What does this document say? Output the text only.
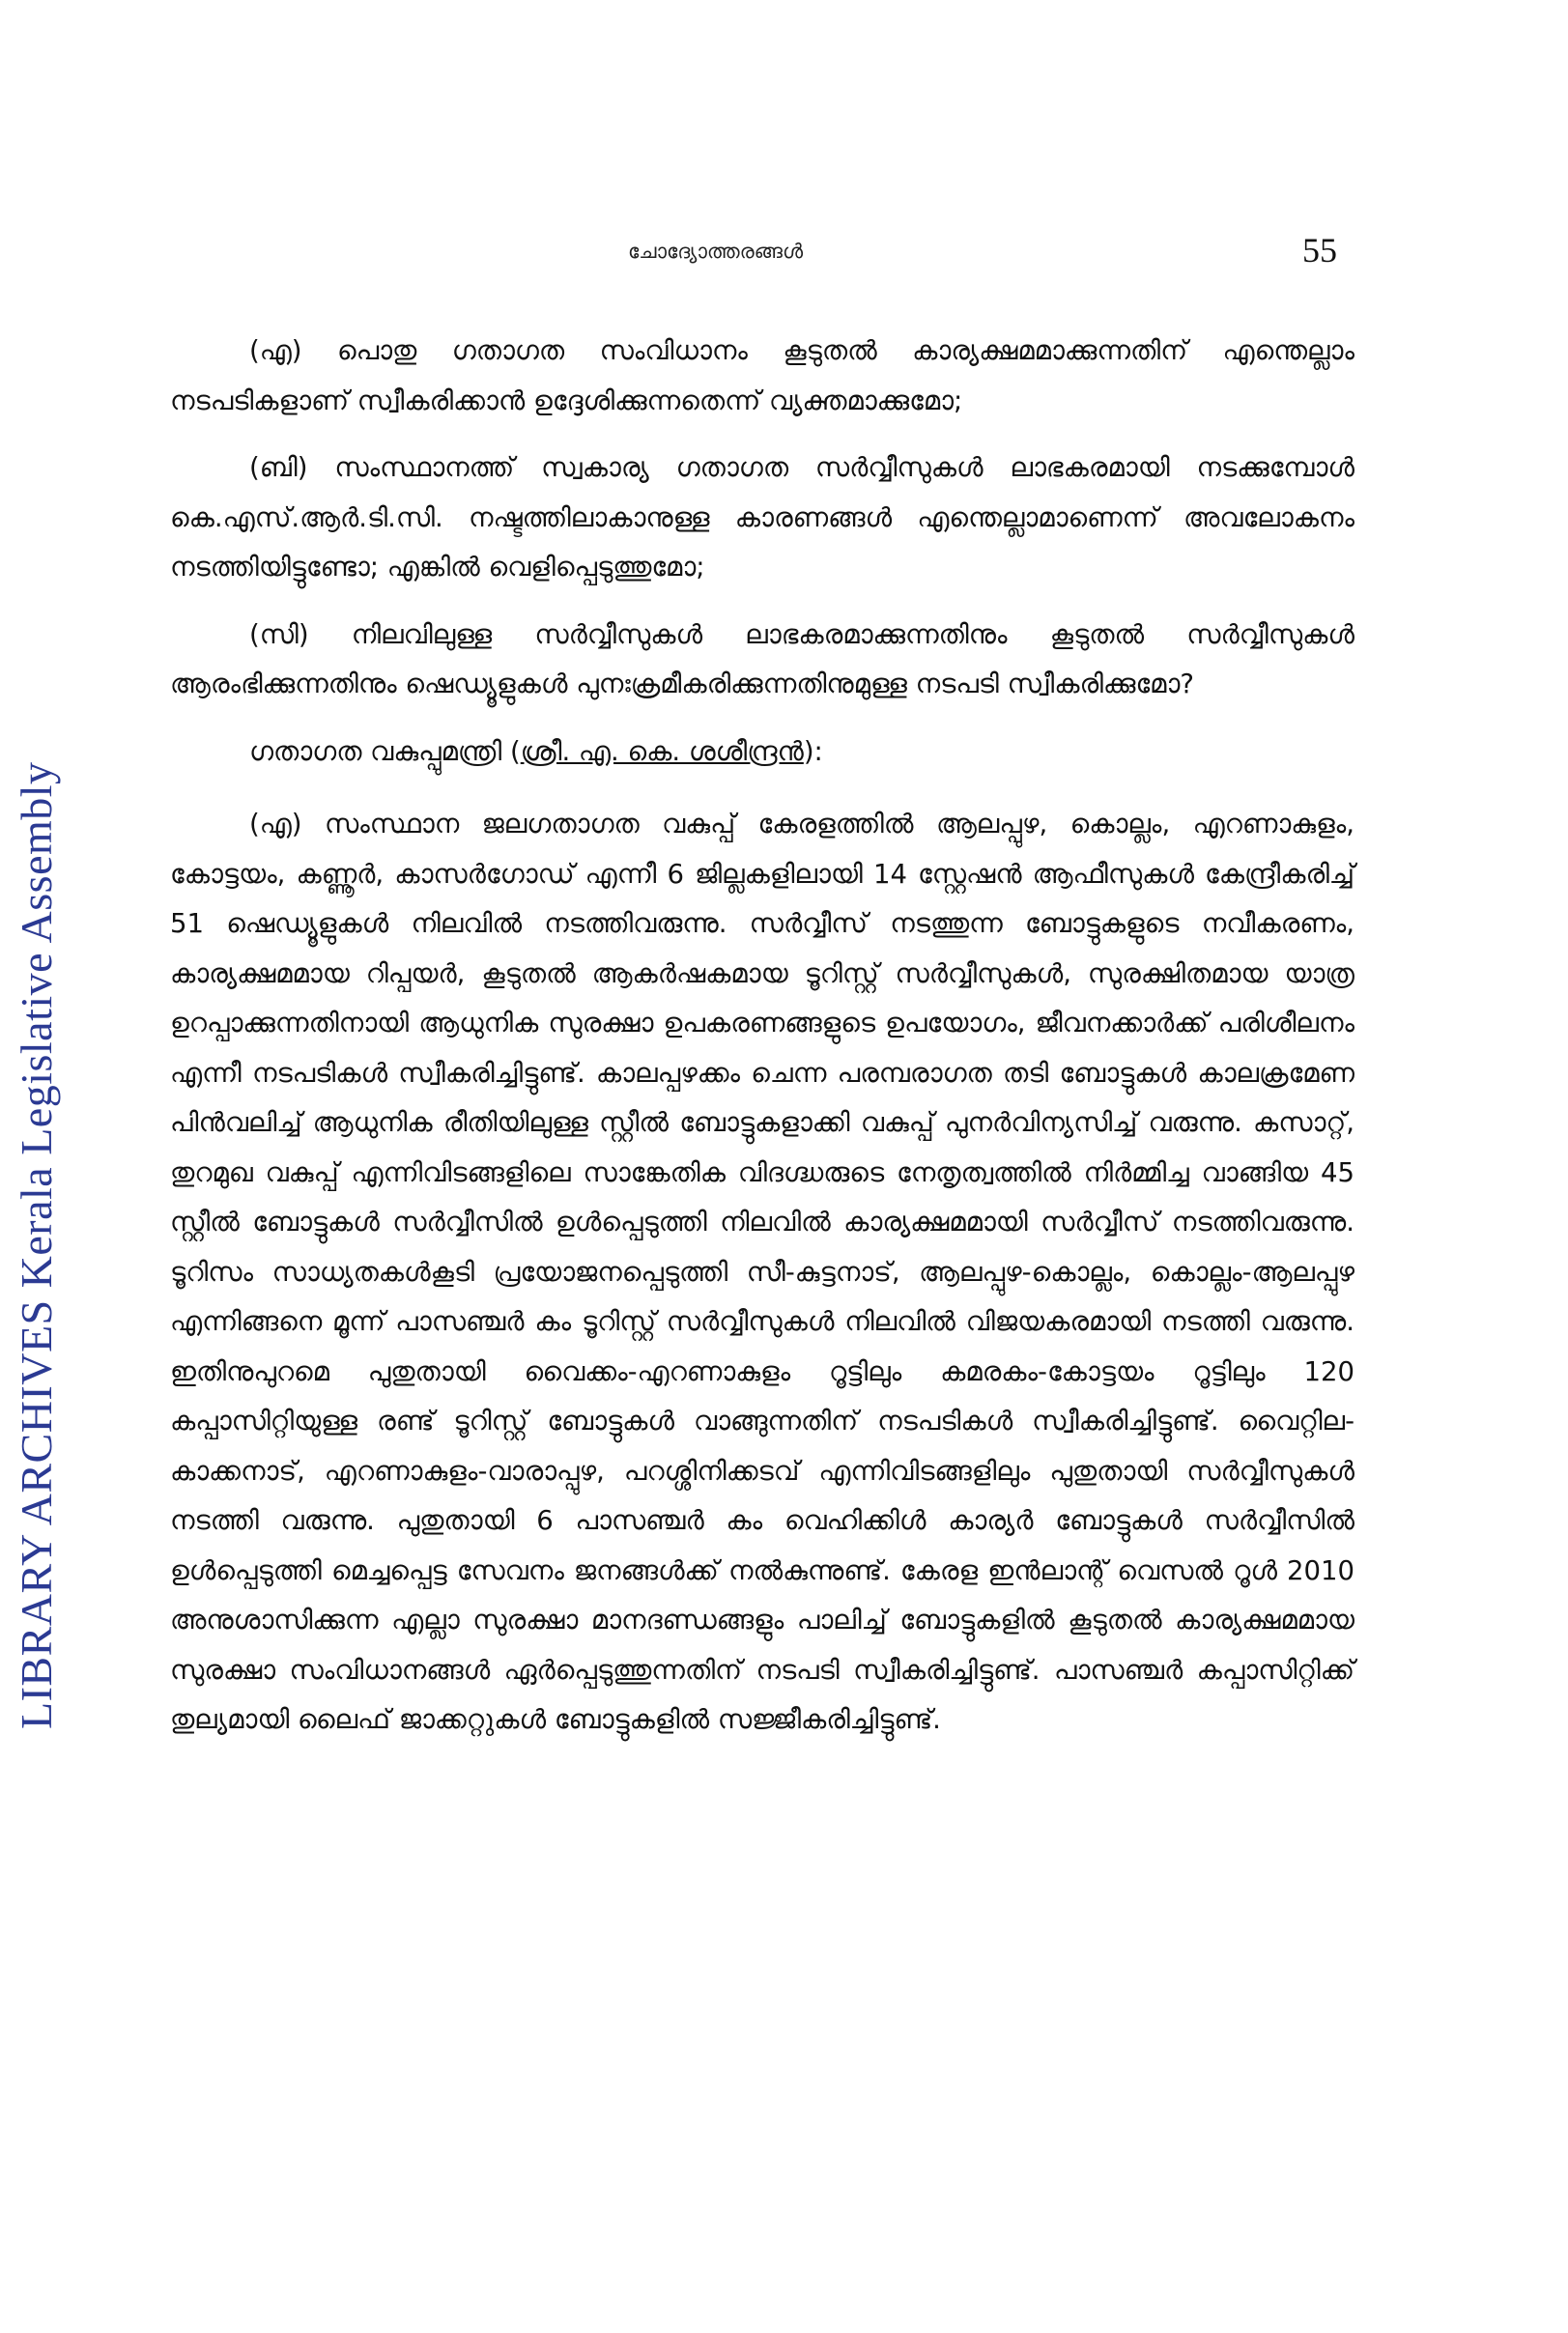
LIBRARY ARCHIVES Kerala Legislative Assembly
ചോദ്യോത്തരങ്ങൾ	55

(എ) പൊതു ഗതാഗത സംവിധാനം കൂടുതൽ കാര്യക്ഷമമാക്കുന്നതിന് എന്തെല്ലാം നടപടികളാണ് സ്വീകരിക്കാൻ ഉദ്ദേശിക്കുന്നതെന്ന് വ്യക്തമാക്കുമോ;

(ബി) സംസ്ഥാനത്ത് സ്വകാര്യ ഗതാഗത സർവ്വീസുകൾ ലാഭകരമായി നടക്കുമ്പോൾ കെ.എസ്.ആർ.ടി.സി. നഷ്ടത്തിലാകാനുള്ള കാരണങ്ങൾ എന്തെല്ലാമാണെന്ന് അവലോകനം നടത്തിയിട്ടുണ്ടോ; എങ്കിൽ വെളിപ്പെടുത്തുമോ;

(സി) നിലവിലുള്ള സർവ്വീസുകൾ ലാഭകരമാക്കുന്നതിനും കൂടുതൽ സർവ്വീസുകൾ ആരംഭിക്കുന്നതിനും ഷെഡ്യൂളുകൾ പുനഃക്രമീകരിക്കുന്നതിനുമുള്ള നടപടി സ്വീകരിക്കുമോ?

ഗതാഗത വകുപ്പുമന്ത്രി (ശ്രീ. എ. കെ. ശശീന്ദ്രൻ):

(എ) സംസ്ഥാന ജലഗതാഗത വകുപ്പ് കേരളത്തിൽ ആലപ്പുഴ, കൊല്ലം, എറണാകുളം, കോട്ടയം, കണ്ണൂർ, കാസർഗോഡ് എന്നീ 6 ജില്ലകളിലായി 14 സ്റ്റേഷൻ ആഫീസുകൾ കേന്ദ്രീകരിച്ച് 51 ഷെഡ്യൂളുകൾ നിലവിൽ നടത്തിവരുന്നു. സർവ്വീസ് നടത്തുന്ന ബോട്ടുകളുടെ നവീകരണം, കാര്യക്ഷമമായ റിപ്പയർ, കൂടുതൽ ആകർഷകമായ ടൂറിസ്റ്റ് സർവ്വീസുകൾ, സുരക്ഷിതമായ യാത്ര ഉറപ്പാക്കുന്നതിനായി ആധുനിക സുരക്ഷാ ഉപകരണങ്ങളുടെ ഉപയോഗം, ജീവനക്കാർക്ക് പരിശീലനം എന്നീ നടപടികൾ സ്വീകരിച്ചിട്ടുണ്ട്. കാലപ്പഴക്കം ചെന്ന പരമ്പരാഗത തടി ബോട്ടുകൾ കാലക്രമേണ പിൻവലിച്ച് ആധുനിക രീതിയിലുള്ള സ്റ്റീൽ ബോട്ടുകളാക്കി വകുപ്പ് പുനർവിന്യസിച്ച് വരുന്നു. കസാറ്റ്, തുറമുഖ വകുപ്പ് എന്നിവിടങ്ങളിലെ സാങ്കേതിക വിദഗ്ദ്ധരുടെ നേതൃത്വത്തിൽ നിർമ്മിച്ച വാങ്ങിയ 45 സ്റ്റീൽ ബോട്ടുകൾ സർവ്വീസിൽ ഉൾപ്പെടുത്തി നിലവിൽ കാര്യക്ഷമമായി സർവ്വീസ് നടത്തിവരുന്നു. ടൂറിസം സാധ്യതകൾകൂടി പ്രയോജനപ്പെടുത്തി സീ-കുട്ടനാട്, ആലപ്പുഴ-കൊല്ലം, കൊല്ലം-ആലപ്പുഴ എന്നിങ്ങനെ മൂന്ന് പാസഞ്ചർ കം ടൂറിസ്റ്റ് സർവ്വീസുകൾ നിലവിൽ വിജയകരമായി നടത്തി വരുന്നു. ഇതിനുപുറമെ പുതുതായി വൈക്കം-എറണാകുളം റൂട്ടിലും കമരകം-കോട്ടയം റൂട്ടിലും 120 കപ്പാസിറ്റിയുള്ള രണ്ട് ടൂറിസ്റ്റ് ബോട്ടുകൾ വാങ്ങുന്നതിന് നടപടികൾ സ്വീകരിച്ചിട്ടുണ്ട്. വൈറ്റില-കാക്കനാട്, എറണാകുളം-വാരാപ്പുഴ, പറശ്ശിനിക്കടവ് എന്നിവിടങ്ങളിലും പുതുതായി സർവ്വീസുകൾ നടത്തി വരുന്നു. പുതുതായി 6 പാസഞ്ചർ കം വെഹിക്കിൾ കാര്യർ ബോട്ടുകൾ സർവ്വീസിൽ ഉൾപ്പെടുത്തി മെച്ചപ്പെട്ട സേവനം ജനങ്ങൾക്ക് നൽകുന്നുണ്ട്. കേരള ഇൻലാന്റ് വെസൽ റൂൾ 2010 അനുശാസിക്കുന്ന എല്ലാ സുരക്ഷാ മാനദണ്ഡങ്ങളും പാലിച്ച് ബോട്ടുകളിൽ കൂടുതൽ കാര്യക്ഷമമായ സുരക്ഷാ സംവിധാനങ്ങൾ ഏർപ്പെടുത്തുന്നതിന് നടപടി സ്വീകരിച്ചിട്ടുണ്ട്. പാസഞ്ചർ കപ്പാസിറ്റിക്ക് തുല്യമായി ലൈഫ് ജാക്കറ്റുകൾ ബോട്ടുകളിൽ സജ്ജീകരിച്ചിട്ടുണ്ട്.
